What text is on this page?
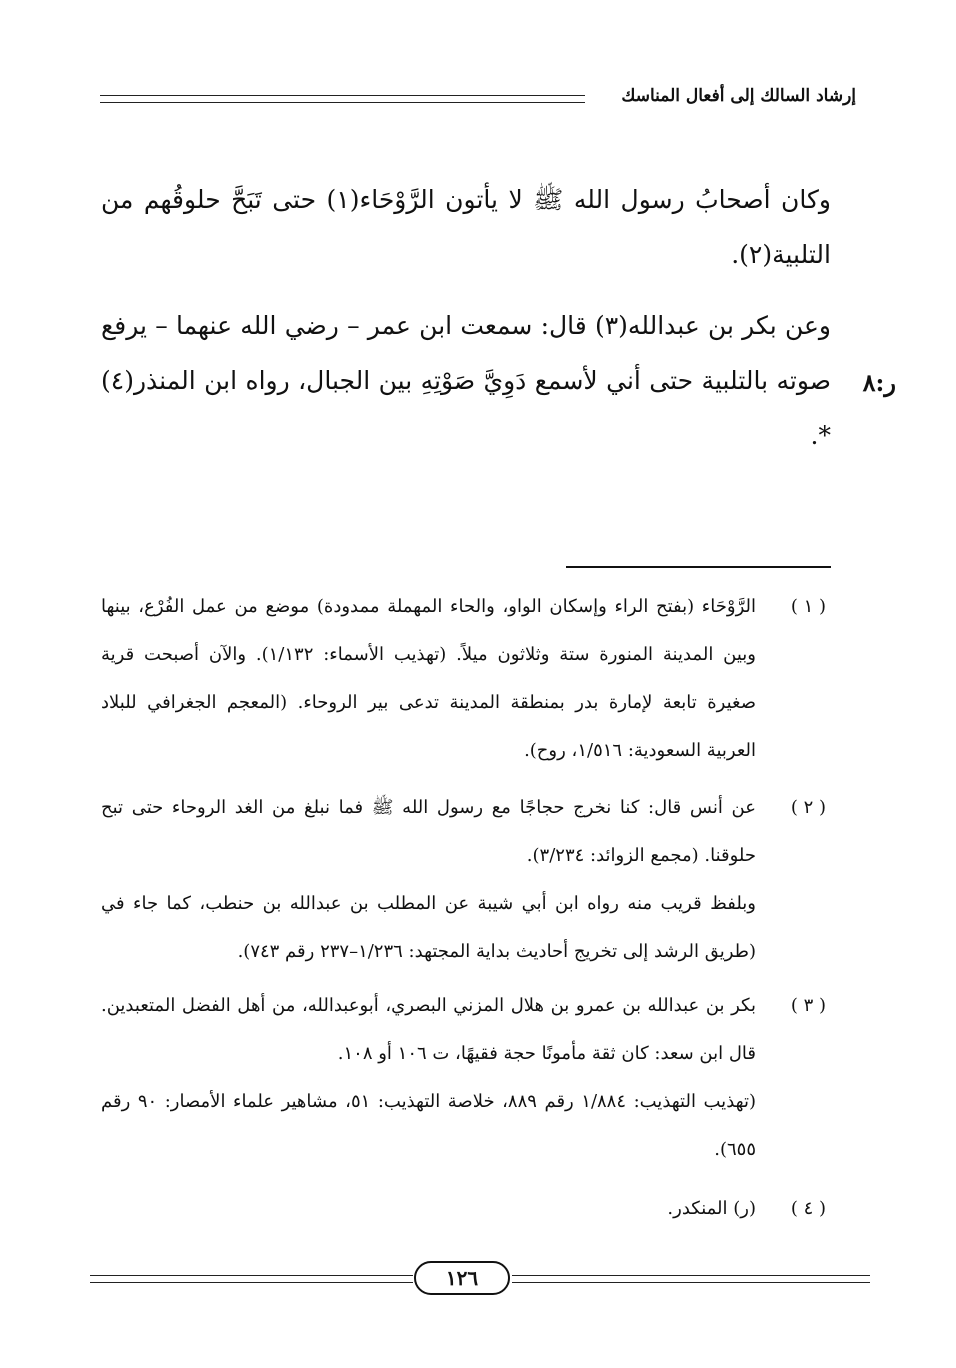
إرشاد السالك إلى أفعال المناسك
وكان أصحابُ رسول الله ﷺ لا يأتون الرَّوْحَاء(١) حتى تَبَحَّ حلوقُهم من التلبية(٢).
وعن بكر بن عبدالله(٣) قال: سمعت ابن عمر – رضي الله عنهما – يرفع صوته بالتلبية حتى أني لأسمع دَوِيَّ صَوْتِهِ بين الجبال، رواه ابن المنذر(٤) *.
ر:٨
( ١ )

الرَّوْحَاء (بفتح الراء وإسكان الواو، والحاء المهملة ممدودة) موضع من عمل الفُرْع، بينها وبين المدينة المنورة ستة وثلاثون ميلاً. (تهذيب الأسماء: ١/١٣٢). والآن أصبحت قرية صغيرة تابعة لإمارة بدر بمنطقة المدينة تدعى بير الروحاء. (المعجم الجغرافي للبلاد العربية السعودية: ١/٥١٦، روح).

( ٢ )

عن أنس قال: كنا نخرج حجاجًا مع رسول الله ﷺ فما نبلغ من الغد الروحاء حتى تبح حلوقنا. (مجمع الزوائد: ٣/٢٣٤).

وبلفظ قريب منه رواه ابن أبي شيبة عن المطلب بن عبدالله بن حنطب، كما جاء في (طريق الرشد إلى تخريج أحاديث بداية المجتهد: ١/٢٣٦–٢٣٧ رقم ٧٤٣).

( ٣ )

بكر بن عبدالله بن عمرو بن هلال المزني البصري، أبوعبدالله، من أهل الفضل المتعبدين. قال ابن سعد: كان ثقة مأمونًا حجة فقيهًا، ت ١٠٦ أو ١٠٨.

(تهذيب التهذيب: ١/٨٨٤ رقم ٨٨٩، خلاصة التهذيب: ٥١، مشاهير علماء الأمصار: ٩٠ رقم ٦٥٥).

( ٤ )

(ر) المنكدر.

١٢٦
